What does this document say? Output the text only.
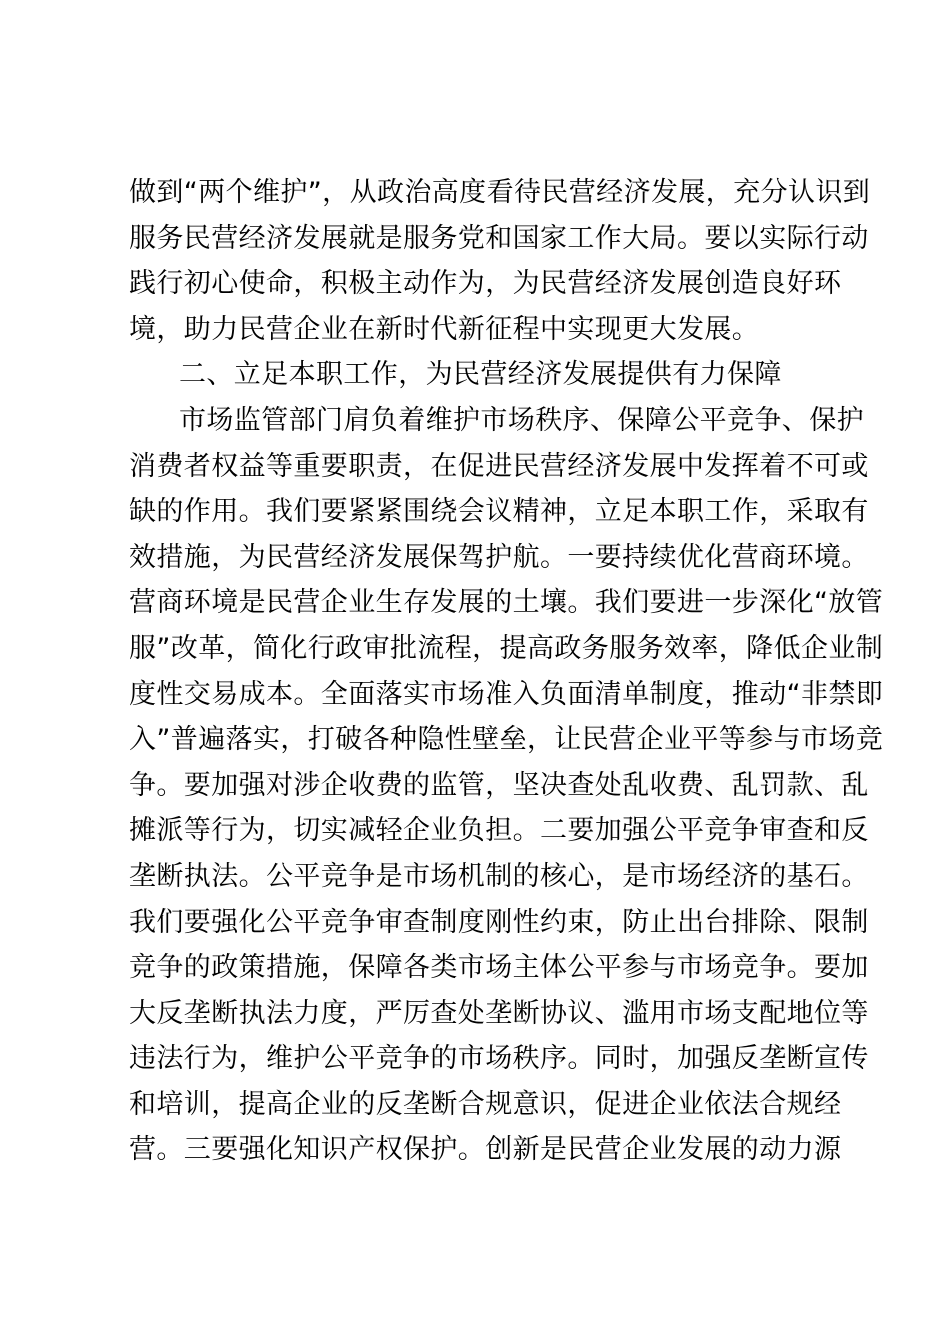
做到“两个维护”，从政治高度看待民营经济发展，充分认识到
服务民营经济发展就是服务党和国家工作大局。要以实际行动
践行初心使命，积极主动作为，为民营经济发展创造良好环
境，助力民营企业在新时代新征程中实现更大发展。
二、立足本职工作，为民营经济发展提供有力保障
市场监管部门肩负着维护市场秩序、保障公平竞争、保护
消费者权益等重要职责，在促进民营经济发展中发挥着不可或
缺的作用。我们要紧紧围绕会议精神，立足本职工作，采取有
效措施，为民营经济发展保驾护航。一要持续优化营商环境。
营商环境是民营企业生存发展的土壤。我们要进一步深化“放管
服”改革，简化行政审批流程，提高政务服务效率，降低企业制
度性交易成本。全面落实市场准入负面清单制度，推动“非禁即
入”普遍落实，打破各种隐性壁垒，让民营企业平等参与市场竞
争。要加强对涉企收费的监管，坚决查处乱收费、乱罚款、乱
摊派等行为，切实减轻企业负担。二要加强公平竞争审查和反
垄断执法。公平竞争是市场机制的核心，是市场经济的基石。
我们要强化公平竞争审查制度刚性约束，防止出台排除、限制
竞争的政策措施，保障各类市场主体公平参与市场竞争。要加
大反垄断执法力度，严厉查处垄断协议、滥用市场支配地位等
违法行为，维护公平竞争的市场秩序。同时，加强反垄断宣传
和培训，提高企业的反垄断合规意识，促进企业依法合规经
营。三要强化知识产权保护。创新是民营企业发展的动力源
